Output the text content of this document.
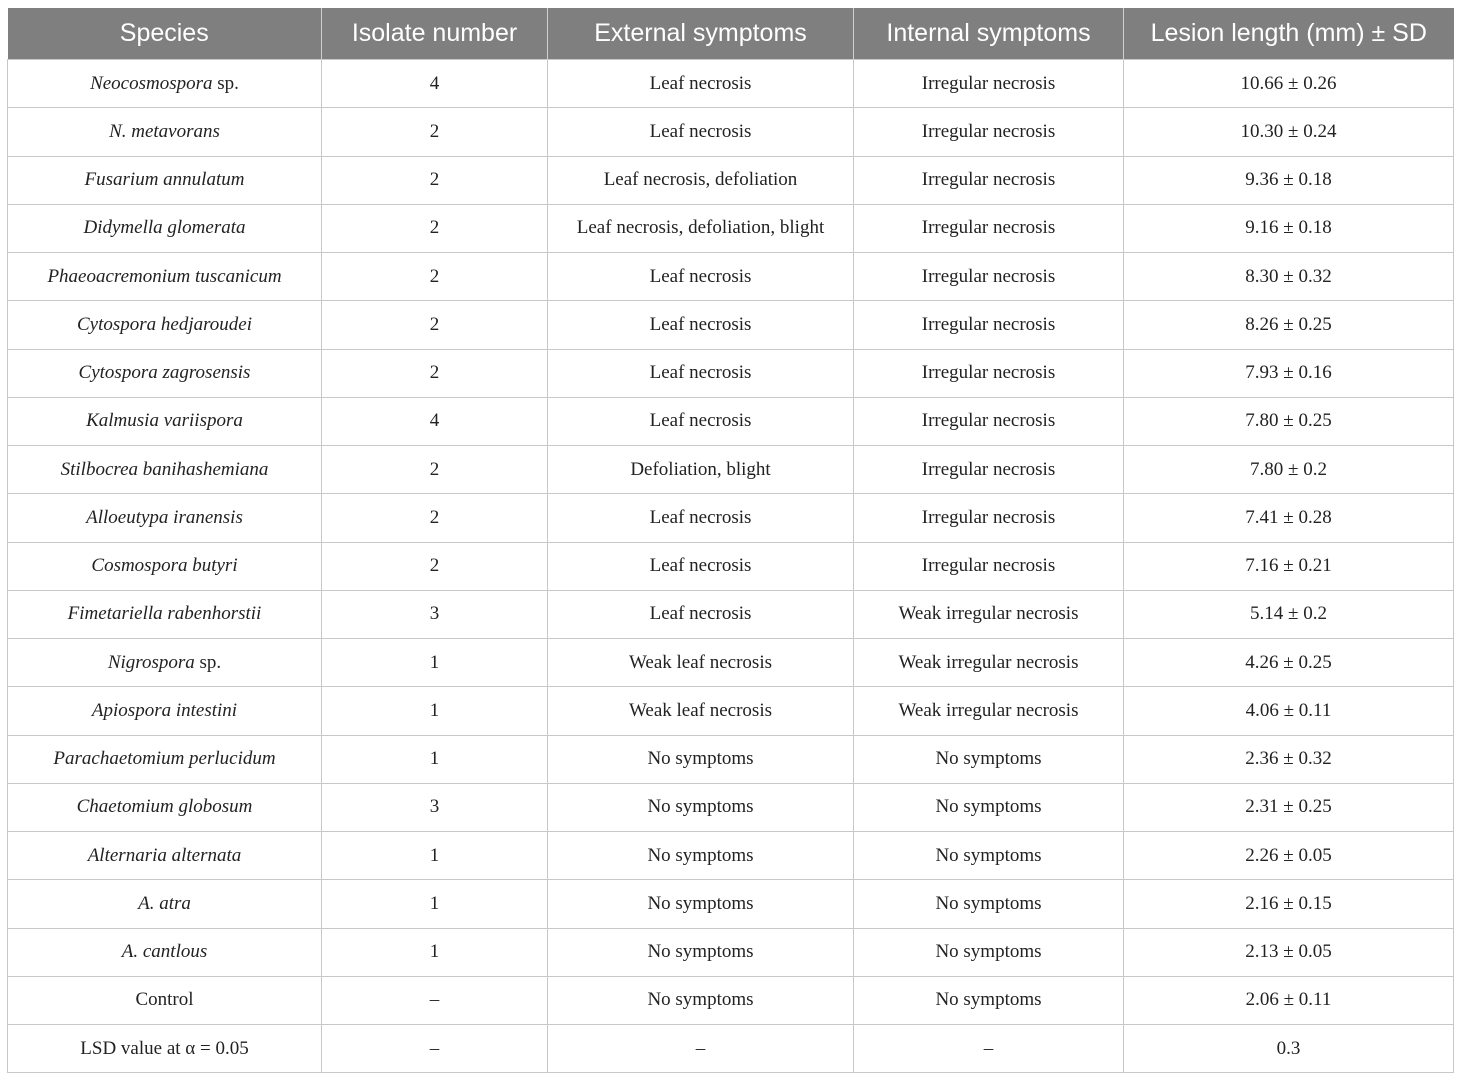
Species	Isolate number	External symptoms	Internal symptoms	Lesion length (mm) ± SD
Neocosmospora sp.	4	Leaf necrosis	Irregular necrosis	10.66 ± 0.26
N. metavorans	2	Leaf necrosis	Irregular necrosis	10.30 ± 0.24
Fusarium annulatum	2	Leaf necrosis, defoliation	Irregular necrosis	9.36 ± 0.18
Didymella glomerata	2	Leaf necrosis, defoliation, blight	Irregular necrosis	9.16 ± 0.18
Phaeoacremonium tuscanicum	2	Leaf necrosis	Irregular necrosis	8.30 ± 0.32
Cytospora hedjaroudei	2	Leaf necrosis	Irregular necrosis	8.26 ± 0.25
Cytospora zagrosensis	2	Leaf necrosis	Irregular necrosis	7.93 ± 0.16
Kalmusia variispora	4	Leaf necrosis	Irregular necrosis	7.80 ± 0.25
Stilbocrea banihashemiana	2	Defoliation, blight	Irregular necrosis	7.80 ± 0.2
Alloeutypa iranensis	2	Leaf necrosis	Irregular necrosis	7.41 ± 0.28
Cosmospora butyri	2	Leaf necrosis	Irregular necrosis	7.16 ± 0.21
Fimetariella rabenhorstii	3	Leaf necrosis	Weak irregular necrosis	5.14 ± 0.2
Nigrospora sp.	1	Weak leaf necrosis	Weak irregular necrosis	4.26 ± 0.25
Apiospora intestini	1	Weak leaf necrosis	Weak irregular necrosis	4.06 ± 0.11
Parachaetomium perlucidum	1	No symptoms	No symptoms	2.36 ± 0.32
Chaetomium globosum	3	No symptoms	No symptoms	2.31 ± 0.25
Alternaria alternata	1	No symptoms	No symptoms	2.26 ± 0.05
A. atra	1	No symptoms	No symptoms	2.16 ± 0.15
A. cantlous	1	No symptoms	No symptoms	2.13 ± 0.05
Control	–	No symptoms	No symptoms	2.06 ± 0.11
LSD value at α = 0.05	–	–	–	0.3
